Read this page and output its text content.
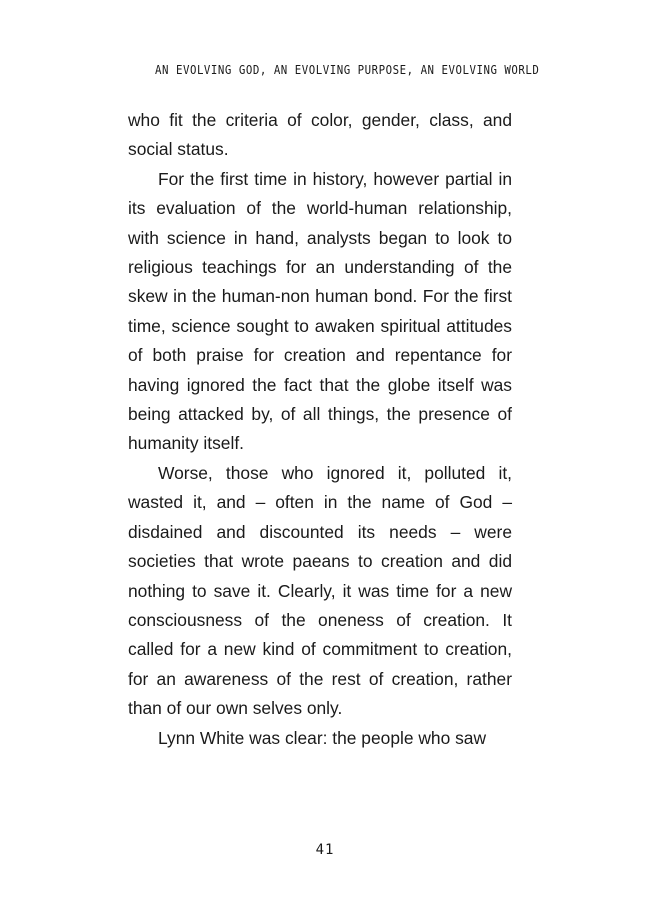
AN EVOLVING GOD, AN EVOLVING PURPOSE, AN EVOLVING WORLD

who fit the criteria of color, gender, class, and social status.

For the first time in history, however partial in its evaluation of the world-human relationship, with science in hand, analysts began to look to religious teachings for an understanding of the skew in the human-non human bond. For the first time, science sought to awaken spiritual attitudes of both praise for creation and repentance for having ignored the fact that the globe itself was being attacked by, of all things, the presence of humanity itself.

Worse, those who ignored it, polluted it, wasted it, and – often in the name of God – disdained and discounted its needs – were societies that wrote paeans to creation and did nothing to save it. Clearly, it was time for a new consciousness of the oneness of creation. It called for a new kind of commitment to creation, for an awareness of the rest of creation, rather than of our own selves only.

Lynn White was clear: the people who saw

41
